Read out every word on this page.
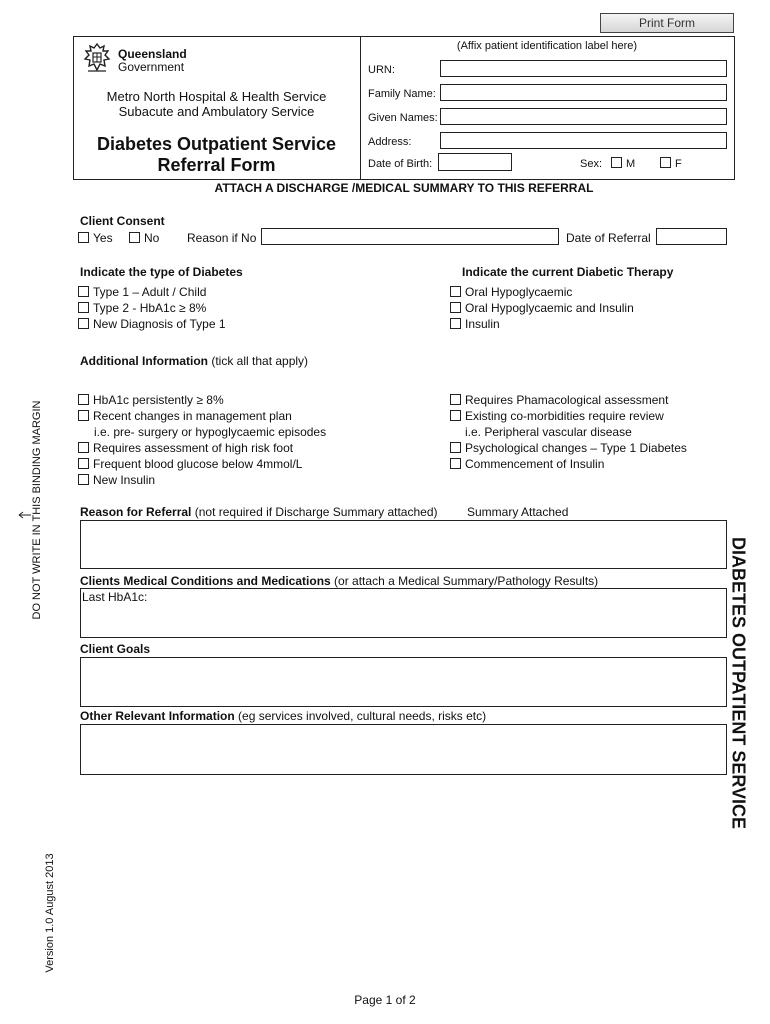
Print Form
Queensland
Government
Metro North Hospital & Health Service
Subacute and Ambulatory Service
Diabetes Outpatient Service
Referral Form
(Affix patient identification label here)
URN:
Family Name:
Given Names:
Address:
Date of Birth:	Sex:	M	F
ATTACH A DISCHARGE /MEDICAL SUMMARY TO THIS REFERRAL
Client Consent
Yes	No Reason if No	Date of Referral
Indicate the type of Diabetes
Type 1 – Adult / Child
Type 2 - HbA1c ≥ 8%
New Diagnosis of Type 1
Indicate the current Diabetic Therapy
Oral Hypoglycaemic
Oral Hypoglycaemic and Insulin
Insulin
Additional Information (tick all that apply)
HbA1c persistently ≥ 8%
Recent changes in management plan
i.e. pre- surgery or hypoglycaemic episodes
Requires assessment of high risk foot
Frequent blood glucose below 4mmol/L
New Insulin
Requires Phamacological assessment
Existing co-morbidities require review
i.e. Peripheral vascular disease
Psychological changes – Type 1 Diabetes
Commencement of Insulin
Reason for Referral (not required if Discharge Summary attached) Summary Attached
Clients Medical Conditions and Medications (or attach a Medical Summary/Pathology Results)
Last HbA1c:
Client Goals
Other Relevant Information (eg services involved, cultural needs, risks etc)
DO NOT WRITE IN THIS BINDING MARGIN
Version 1.0 August 2013
DIABETES OUTPATIENT SERVICE
Page 1 of 2
